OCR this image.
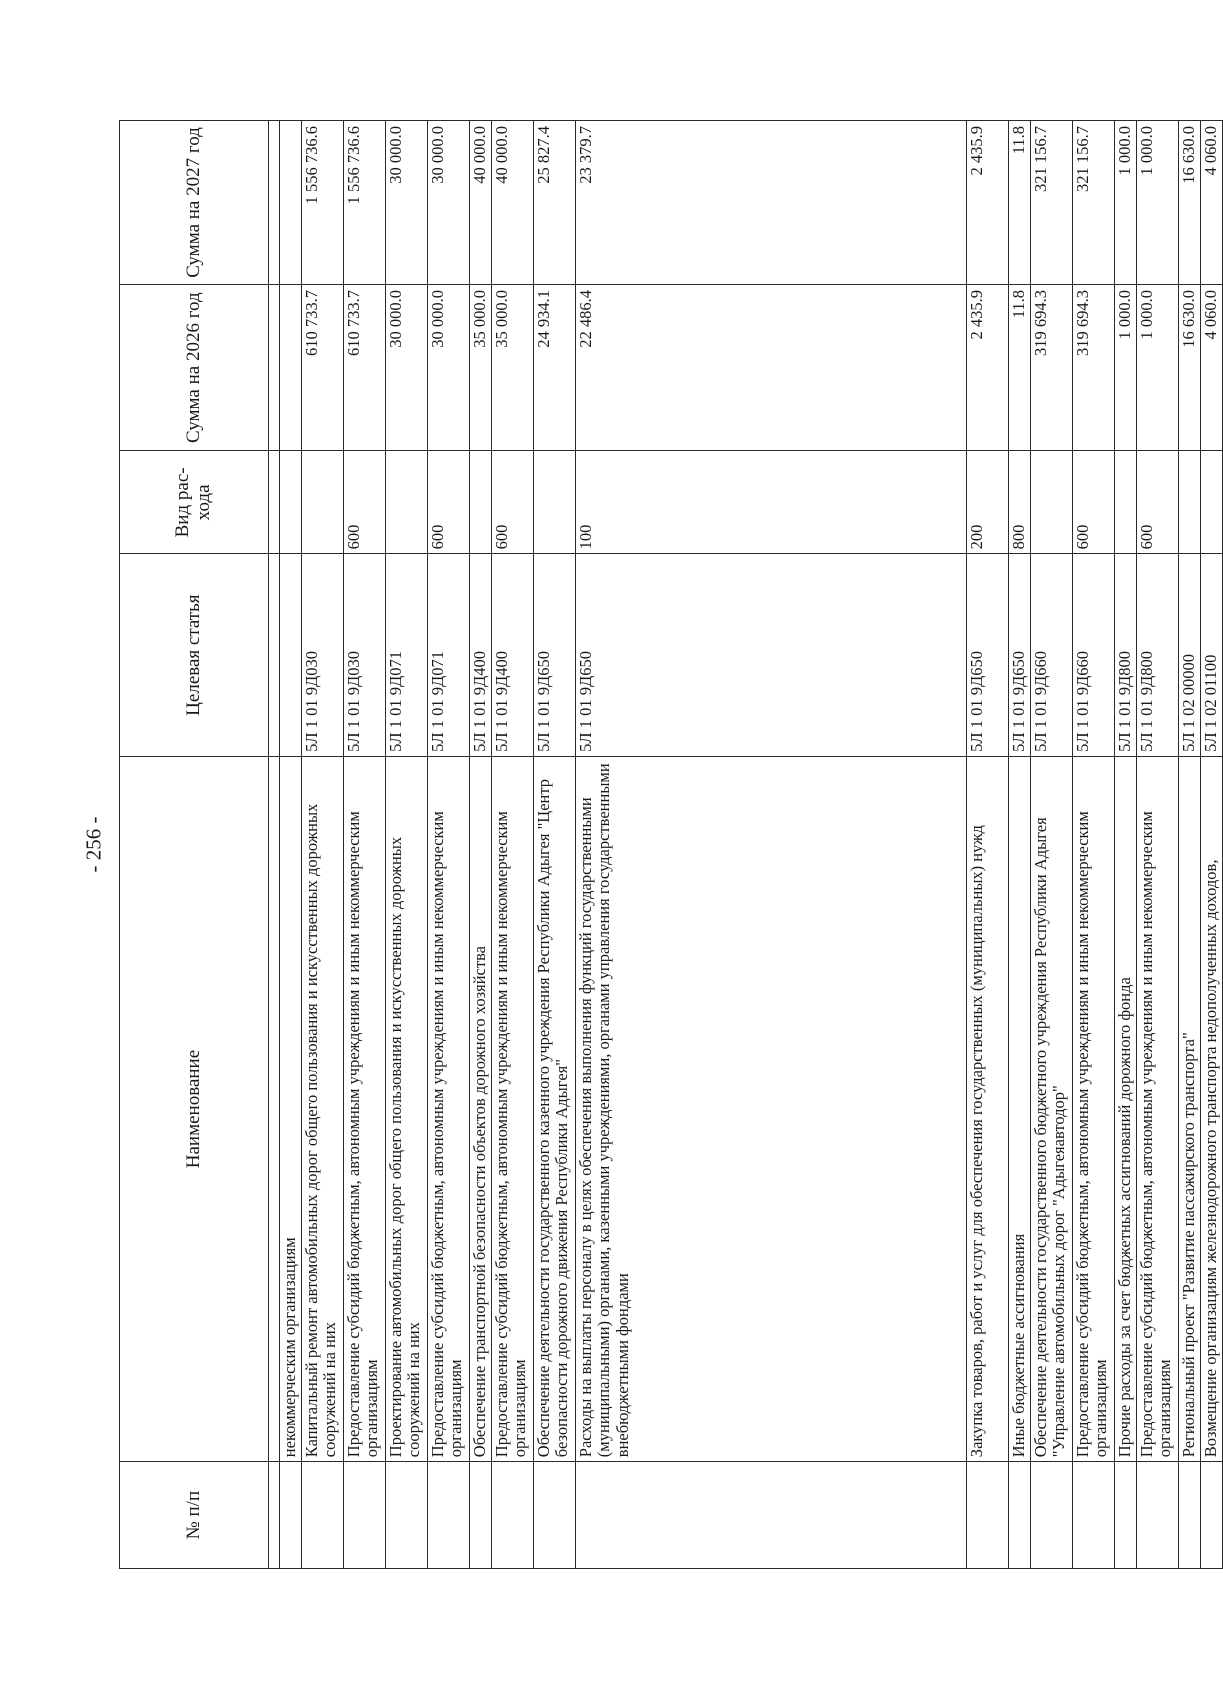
- 256 -
№ п/п	Наименование	Целевая статья	Вид рас-хода	Сумма на 2026 год	Сумма на 2027 год

	некоммерческим организациям				
	Капитальный ремонт автомобильных дорог общего пользования и искусственных дорожных сооружений на них	5Л 1 01 9Д030		610 733.7	1 556 736.6
	Предоставление субсидий бюджетным, автономным учреждениям и иным некоммерческим организациям	5Л 1 01 9Д030	600	610 733.7	1 556 736.6
	Проектирование автомобильных дорог общего пользования и искусственных дорожных сооружений на них	5Л 1 01 9Д071		30 000.0	30 000.0
	Предоставление субсидий бюджетным, автономным учреждениям и иным некоммерческим организациям	5Л 1 01 9Д071	600	30 000.0	30 000.0
	Обеспечение транспортной безопасности объектов дорожного хозяйства	5Л 1 01 9Д400		35 000.0	40 000.0
	Предоставление субсидий бюджетным, автономным учреждениям и иным некоммерческим организациям	5Л 1 01 9Д400	600	35 000.0	40 000.0
	Обеспечение деятельности государственного казенного учреждения Республики Адыгея "Центр безопасности дорожного движения Республики Адыгея"	5Л 1 01 9Д650		24 934.1	25 827.4
	Расходы на выплаты персоналу в целях обеспечения выполнения функций государственными (муниципальными) органами, казенными учреждениями, органами управления государственными внебюджетными фондами	5Л 1 01 9Д650	100	22 486.4	23 379.7
	Закупка товаров, работ и услуг для обеспечения государственных (муниципальных) нужд	5Л 1 01 9Д650	200	2 435.9	2 435.9
	Иные бюджетные ассигнования	5Л 1 01 9Д650	800	11.8	11.8
	Обеспечение деятельности государственного бюджетного учреждения Республики Адыгея "Управление автомобильных дорог "Адыгеяавтодор"	5Л 1 01 9Д660		319 694.3	321 156.7
	Предоставление субсидий бюджетным, автономным учреждениям и иным некоммерческим организациям	5Л 1 01 9Д660	600	319 694.3	321 156.7
	Прочие расходы за счет бюджетных ассигнований дорожного фонда	5Л 1 01 9Д800		1 000.0	1 000.0
	Предоставление субсидий бюджетным, автономным учреждениям и иным некоммерческим организациям	5Л 1 01 9Д800	600	1 000.0	1 000.0
	Региональный проект "Развитие пассажирского транспорта"	5Л 1 02 00000		16 630.0	16 630.0
	Возмещение организациям железнодорожного транспорта недополученных доходов,	5Л 1 02 01100		4 060.0	4 060.0
